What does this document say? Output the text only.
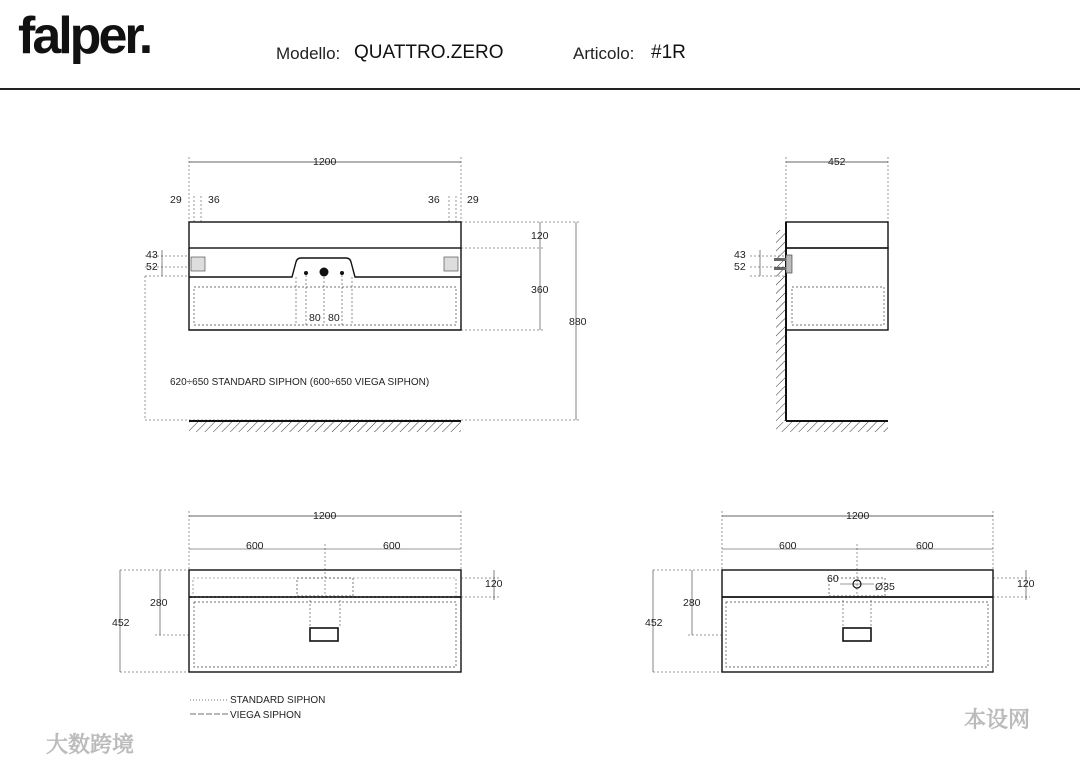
falper.	Modello: QUATTRO.ZERO	Articolo: #1R
1200
29	36	36	29
80 80
43
52
120
360
880
620÷650 STANDARD SIPHON (600÷650 VIEGA SIPHON)
452
43
52
1200
600	600
120
280
452
1200
600	600
60
Ø35	120
280
452
STANDARD SIPHON
VIEGA SIPHON
大数跨境
本设网
